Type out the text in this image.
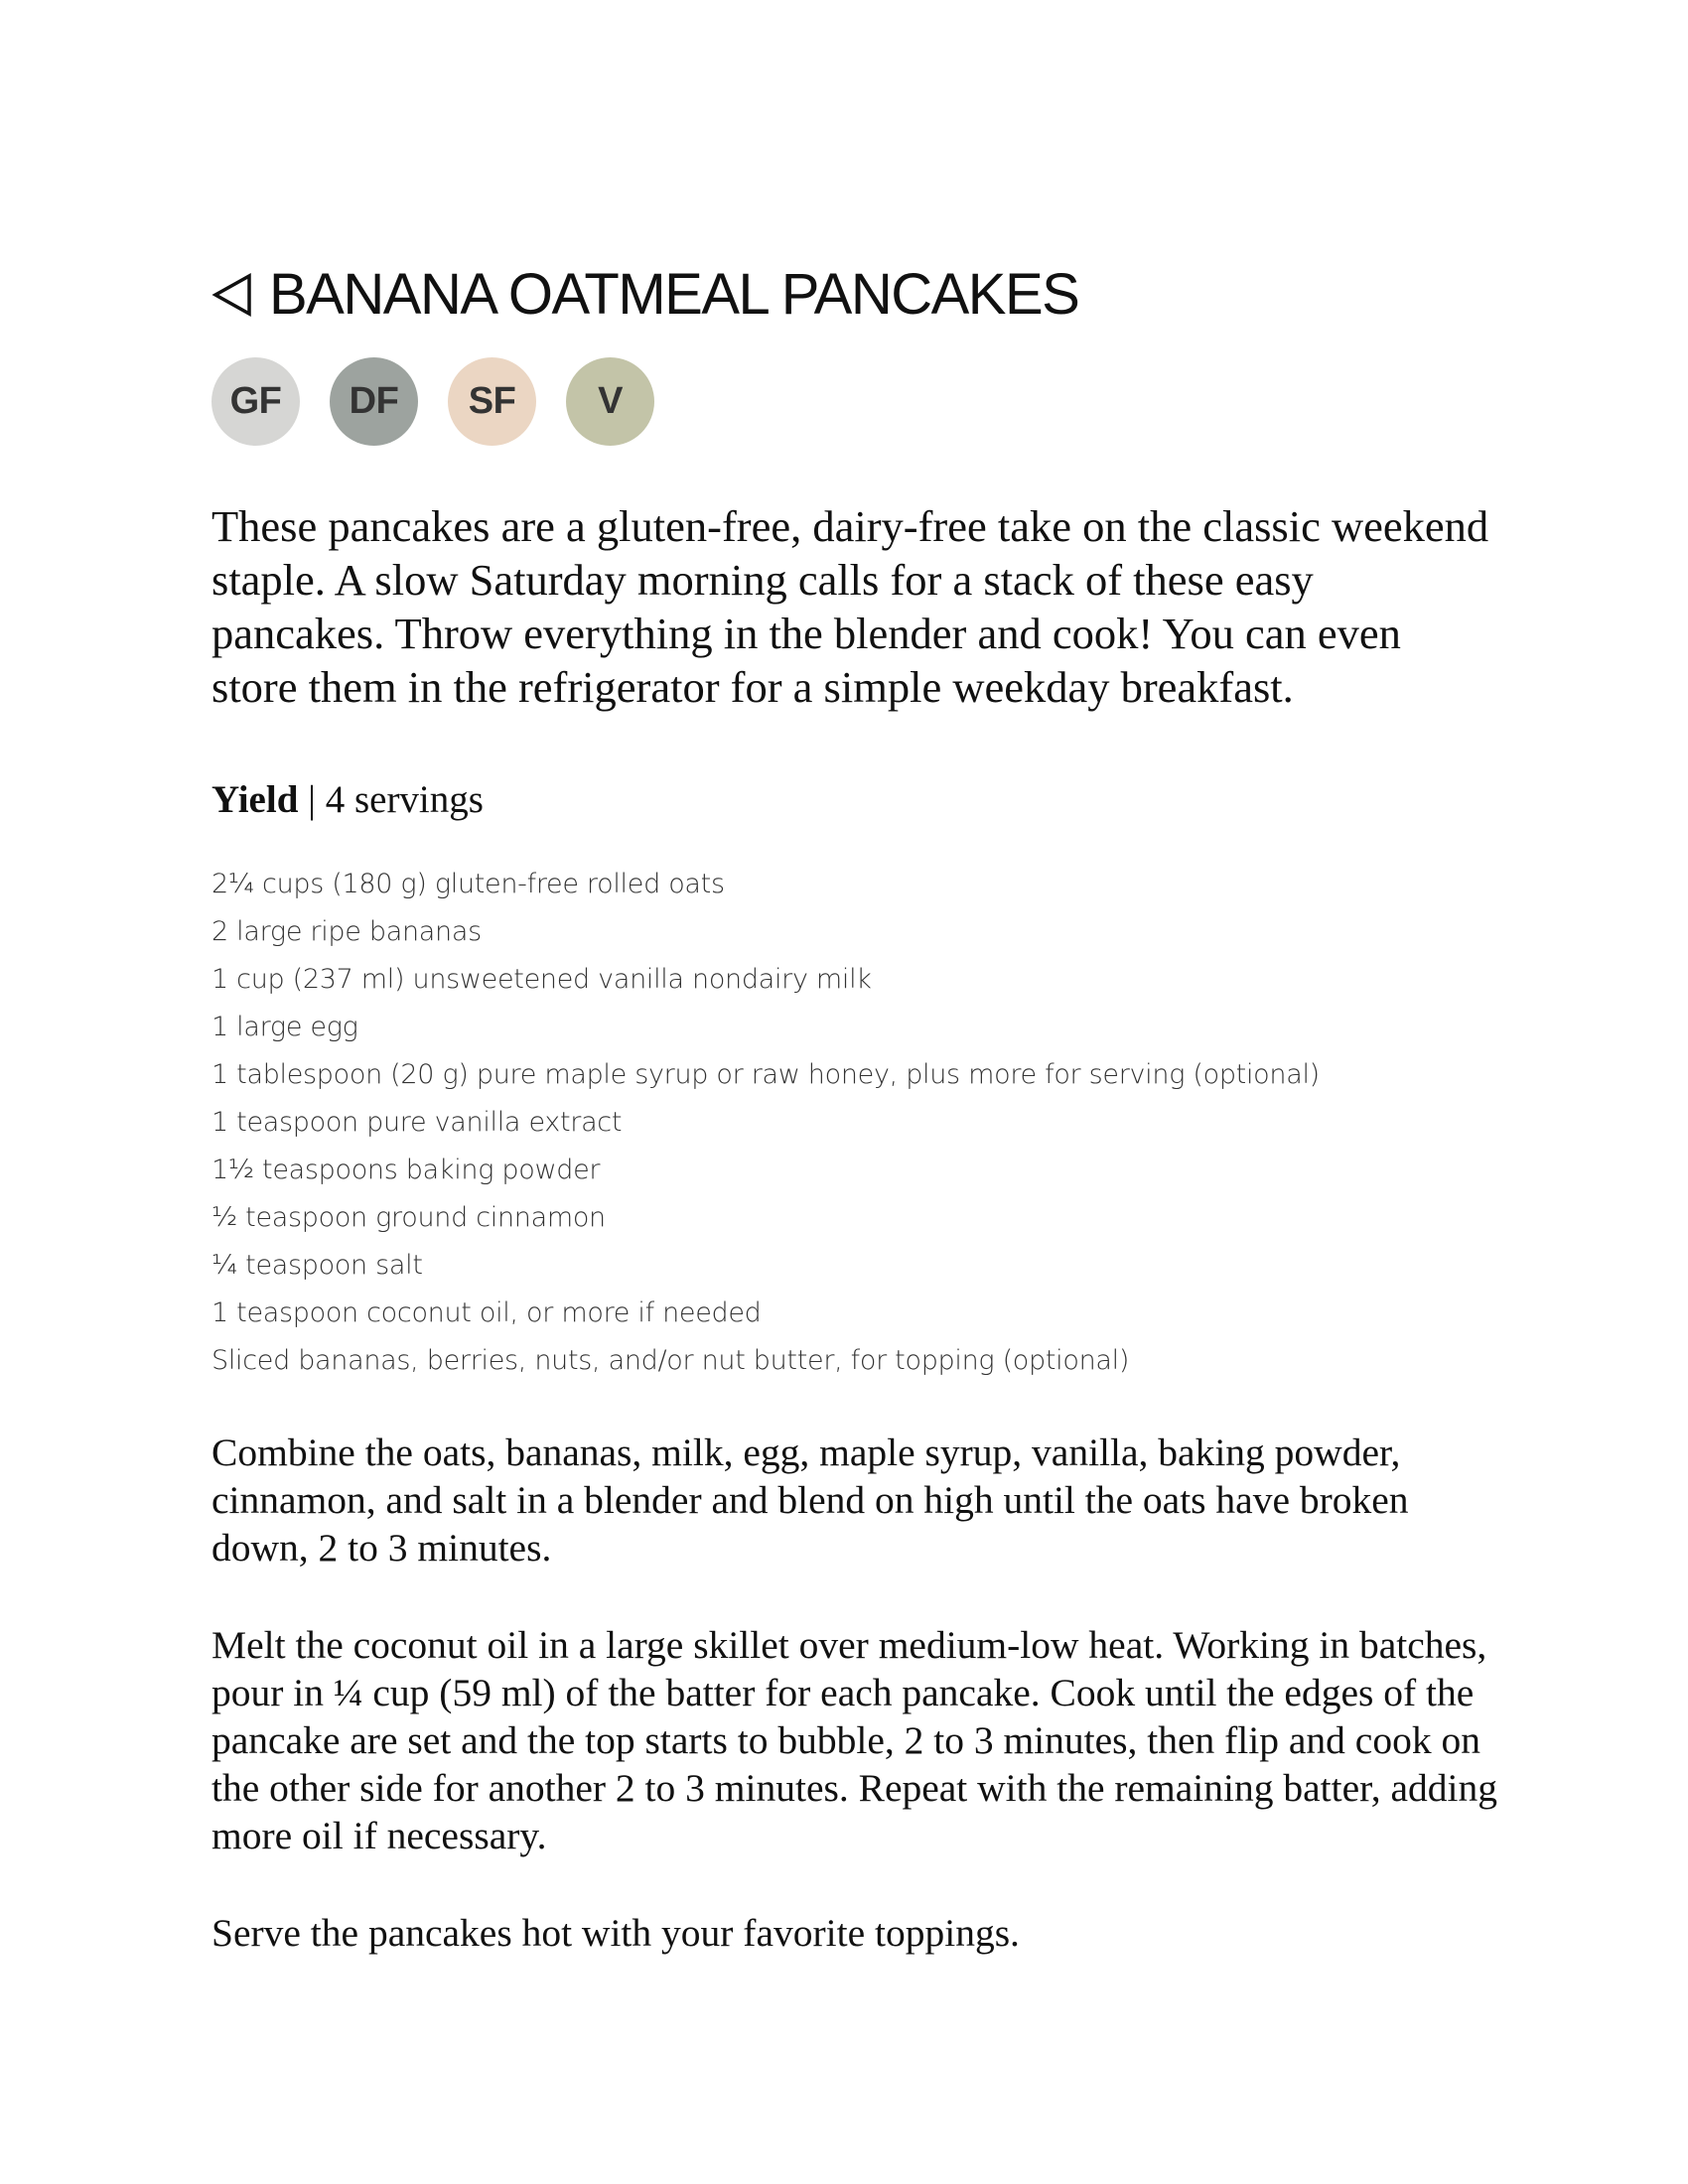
BANANA OATMEAL PANCAKES
GF	DF	SF	V

These pancakes are a gluten-free, dairy-free take on the classic weekend staple. A slow Saturday morning calls for a stack of these easy pancakes. Throw everything in the blender and cook! You can even store them in the refrigerator for a simple weekday breakfast.

Yield | 4 servings
2¼ cups (180 g) gluten-free rolled oats
2 large ripe bananas
1 cup (237 ml) unsweetened vanilla nondairy milk
1 large egg
1 tablespoon (20 g) pure maple syrup or raw honey, plus more for serving (optional)
1 teaspoon pure vanilla extract
1½ teaspoons baking powder
½ teaspoon ground cinnamon
¼ teaspoon salt
1 teaspoon coconut oil, or more if needed
Sliced bananas, berries, nuts, and/or nut butter, for topping (optional)

Combine the oats, bananas, milk, egg, maple syrup, vanilla, baking powder, cinnamon, and salt in a blender and blend on high until the oats have broken down, 2 to 3 minutes.

Melt the coconut oil in a large skillet over medium-low heat. Working in batches, pour in ¼ cup (59 ml) of the batter for each pancake. Cook until the edges of the pancake are set and the top starts to bubble, 2 to 3 minutes, then flip and cook on the other side for another 2 to 3 minutes. Repeat with the remaining batter, adding more oil if necessary.

Serve the pancakes hot with your favorite toppings.
